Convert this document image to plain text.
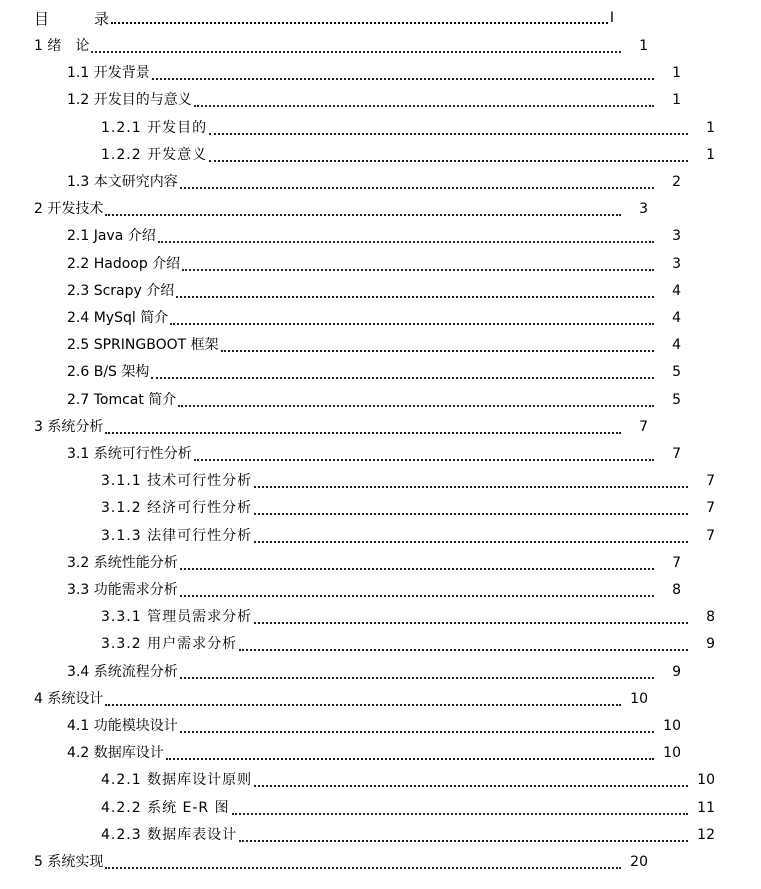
目	录	I
1 绪　论	1
1.1 开发背景	1
1.2 开发目的与意义	1
1.2.1 开发目的	1
1.2.2 开发意义	1
1.3 本文研究内容	2
2 开发技术	3
2.1 Java 介绍	3
2.2 Hadoop 介绍	3
2.3 Scrapy 介绍	4
2.4 MySql 简介	4
2.5 SPRINGBOOT 框架	4
2.6 B/S 架构	5
2.7 Tomcat 简介	5
3 系统分析	7
3.1 系统可行性分析	7
3.1.1 技术可行性分析	7
3.1.2 经济可行性分析	7
3.1.3 法律可行性分析	7
3.2 系统性能分析	7
3.3 功能需求分析	8
3.3.1 管理员需求分析	8
3.3.2 用户需求分析	9
3.4 系统流程分析	9
4 系统设计	10
4.1 功能模块设计	10
4.2 数据库设计	10
4.2.1 数据库设计原则	10
4.2.2 系统 E-R 图	11
4.2.3 数据库表设计	12
5 系统实现	20
